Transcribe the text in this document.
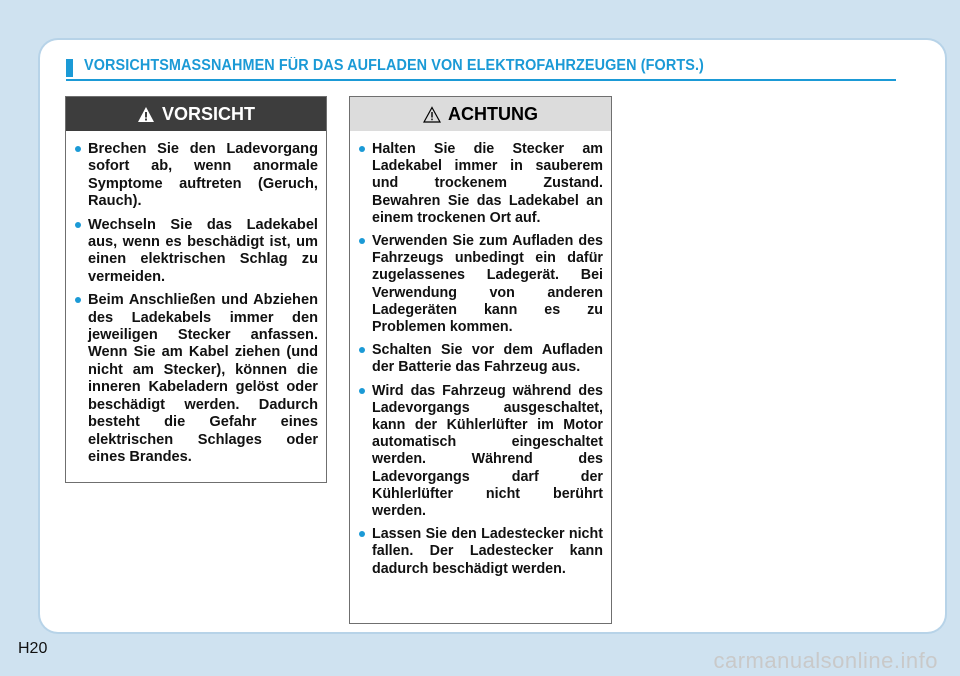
VORSICHTSMASSNAHMEN FÜR DAS AUFLADEN VON ELEKTROFAHRZEUGEN (FORTS.)
VORSICHT
Brechen Sie den Ladevorgang sofort ab, wenn anormale Symptome auftreten (Geruch, Rauch).
Wechseln Sie das Ladekabel aus, wenn es beschädigt ist, um einen elektrischen Schlag zu vermeiden.
Beim Anschließen und Abziehen des Ladekabels immer den jeweiligen Stecker anfassen. Wenn Sie am Kabel ziehen (und nicht am Stecker), können die inneren Kabeladern gelöst oder beschädigt werden. Dadurch besteht die Gefahr eines elektrischen Schlages oder eines Brandes.
ACHTUNG
Halten Sie die Stecker am Ladekabel immer in sauberem und trockenem Zustand. Bewahren Sie das Ladekabel an einem trockenen Ort auf.
Verwenden Sie zum Aufladen des Fahrzeugs unbedingt ein dafür zugelassenes Ladegerät. Bei Verwendung von anderen Ladegeräten kann es zu Problemen kommen.
Schalten Sie vor dem Aufladen der Batterie das Fahrzeug aus.
Wird das Fahrzeug während des Ladevorgangs ausgeschaltet, kann der Kühlerlüfter im Motor automatisch eingeschaltet werden. Während des Ladevorgangs darf der Kühlerlüfter nicht berührt werden.
Lassen Sie den Ladestecker nicht fallen. Der Ladestecker kann dadurch beschädigt werden.
H20	carmanualsonline.info
